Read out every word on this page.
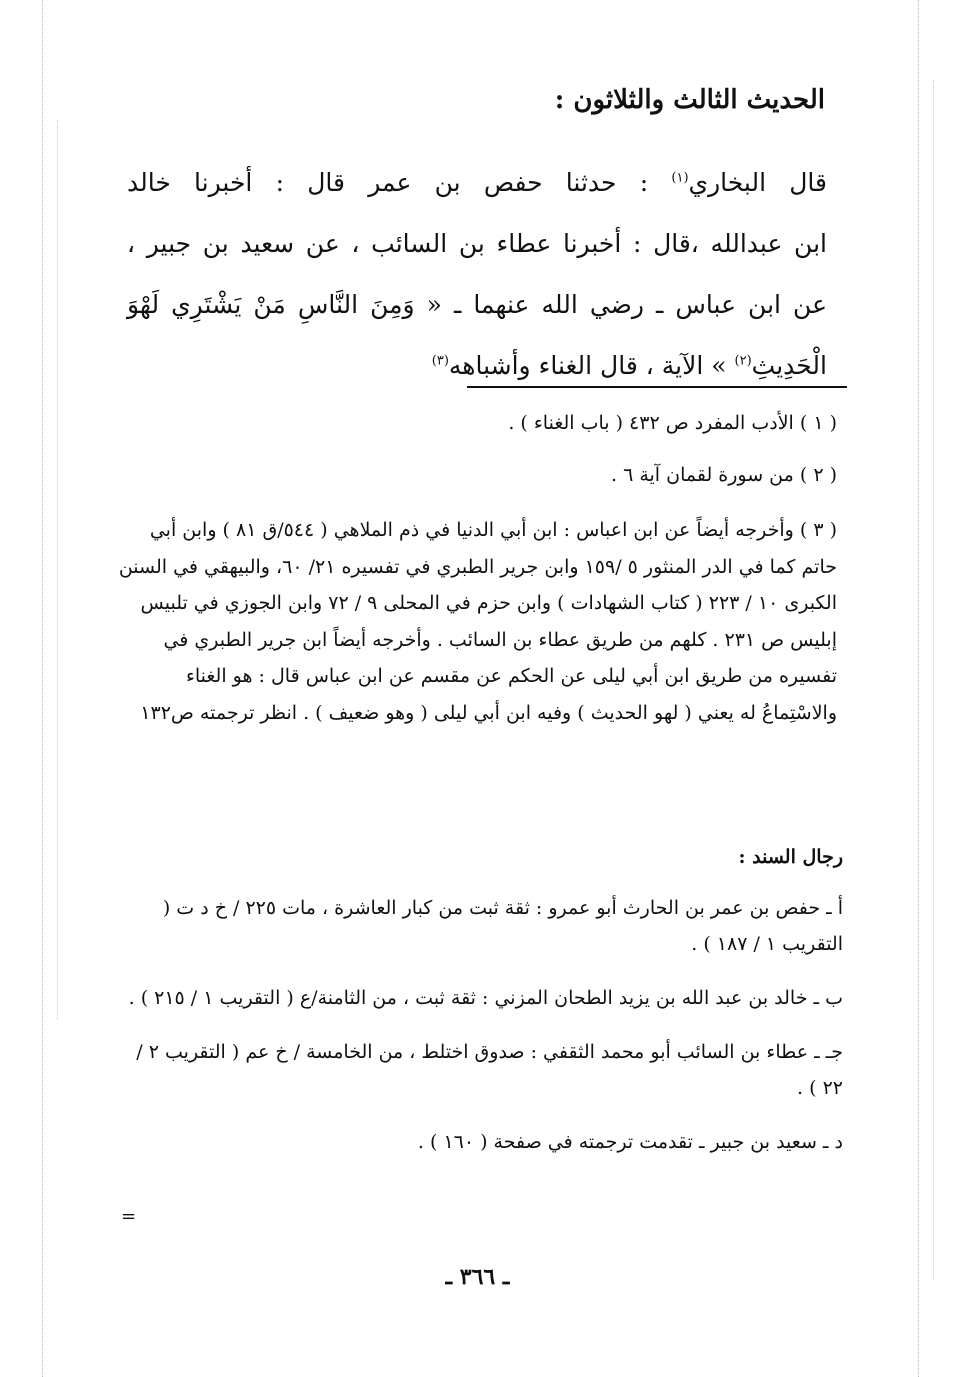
الحديث الثالث والثلاثون :
قال البخاري$^{(١)}$ : حدثنا حفص بن عمر قال : أخبرنا خالد
ابن عبدالله ،قال : أخبرنا عطاء بن السائب ، عن سعيد بن جبير ،
عن ابن عباس ـ رضي الله عنهما ـ « وَمِنَ النَّاسِ مَنْ يَشْتَرِي لَهْوَ
الْحَدِيثِ$^{(٢)}$ » الآية ، قال الغناء وأشباهه$^{(٣)}$
( ١ ) الأدب المفرد ص ٤٣٢ ( باب الغناء ) .
( ٢ ) من سورة لقمان آية ٦ .
( ٣ ) وأخرجه أيضاً عن ابن اعباس : ابن أبي الدنيا في ذم الملاهي ( ٥٤٤/ق ٨١ ) وابن أبي حاتم كما في الدر المنثور ٥ /١٥٩ وابن جرير الطبري في تفسيره ٢١/ ٦٠، والبيهقي في السنن الكبرى ١٠ / ٢٢٣ ( كتاب الشهادات ) وابن حزم في المحلى ٩ / ٧٢ وابن الجوزي في تلبيس إبليس ص ٢٣١ . كلهم من طريق عطاء بن السائب . وأخرجه أيضاً ابن جرير الطبري في تفسيره من طريق ابن أبي ليلى عن الحكم عن مقسم عن ابن عباس قال : هو الغناء والاسْتِماعُ له يعني ( لهو الحديث ) وفيه ابن أبي ليلى ( وهو ضعيف ) . انظر ترجمته ص١٣٢
رجال السند :
أ ـ حفص بن عمر بن الحارث أبو عمرو : ثقة ثبت من كبار العاشرة ، مات ٢٢٥ / خ د ت ( التقريب ١ / ١٨٧ ) .
ب ـ خالد بن عبد الله بن يزيد الطحان المزني : ثقة ثبت ، من الثامنة/ع ( التقريب ١ / ٢١٥ ) .
جـ ـ عطاء بن السائب أبو محمد الثقفي : صدوق اختلط ، من الخامسة / خ عم ( التقريب ٢ / ٢٢ ) .
د ـ سعيد بن جبير ـ تقدمت ترجمته في صفحة ( ١٦٠ ) .
=
ـ ٣٦٦ ـ
